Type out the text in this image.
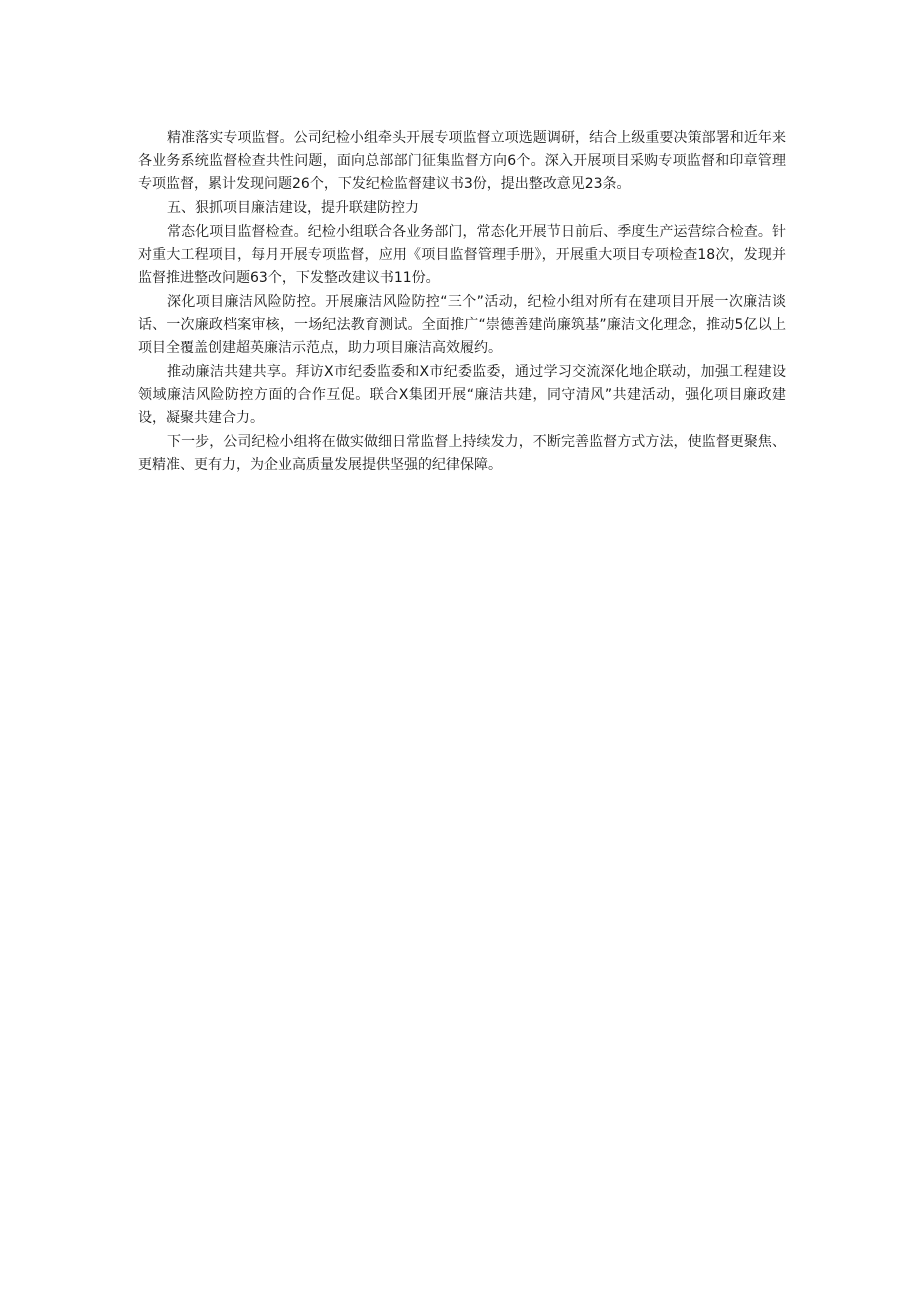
精准落实专项监督。公司纪检小组牵头开展专项监督立项选题调研，结合上级重要决策部署和近年来各业务系统监督检查共性问题，面向总部部门征集监督方向6个。深入开展项目采购专项监督和印章管理专项监督，累计发现问题26个，下发纪检监督建议书3份，提出整改意见23条。

五、狠抓项目廉洁建设，提升联建防控力

常态化项目监督检查。纪检小组联合各业务部门，常态化开展节日前后、季度生产运营综合检查。针对重大工程项目，每月开展专项监督，应用《项目监督管理手册》，开展重大项目专项检查18次，发现并监督推进整改问题63个，下发整改建议书11份。

深化项目廉洁风险防控。开展廉洁风险防控“三个”活动，纪检小组对所有在建项目开展一次廉洁谈话、一次廉政档案审核，一场纪法教育测试。全面推广“崇德善建尚廉筑基”廉洁文化理念，推动5亿以上项目全覆盖创建超英廉洁示范点，助力项目廉洁高效履约。

推动廉洁共建共享。拜访X市纪委监委和X市纪委监委，通过学习交流深化地企联动，加强工程建设领域廉洁风险防控方面的合作互促。联合X集团开展“廉洁共建，同守清风”共建活动，强化项目廉政建设，凝聚共建合力。

下一步，公司纪检小组将在做实做细日常监督上持续发力，不断完善监督方式方法，使监督更聚焦、更精准、更有力，为企业高质量发展提供坚强的纪律保障。
